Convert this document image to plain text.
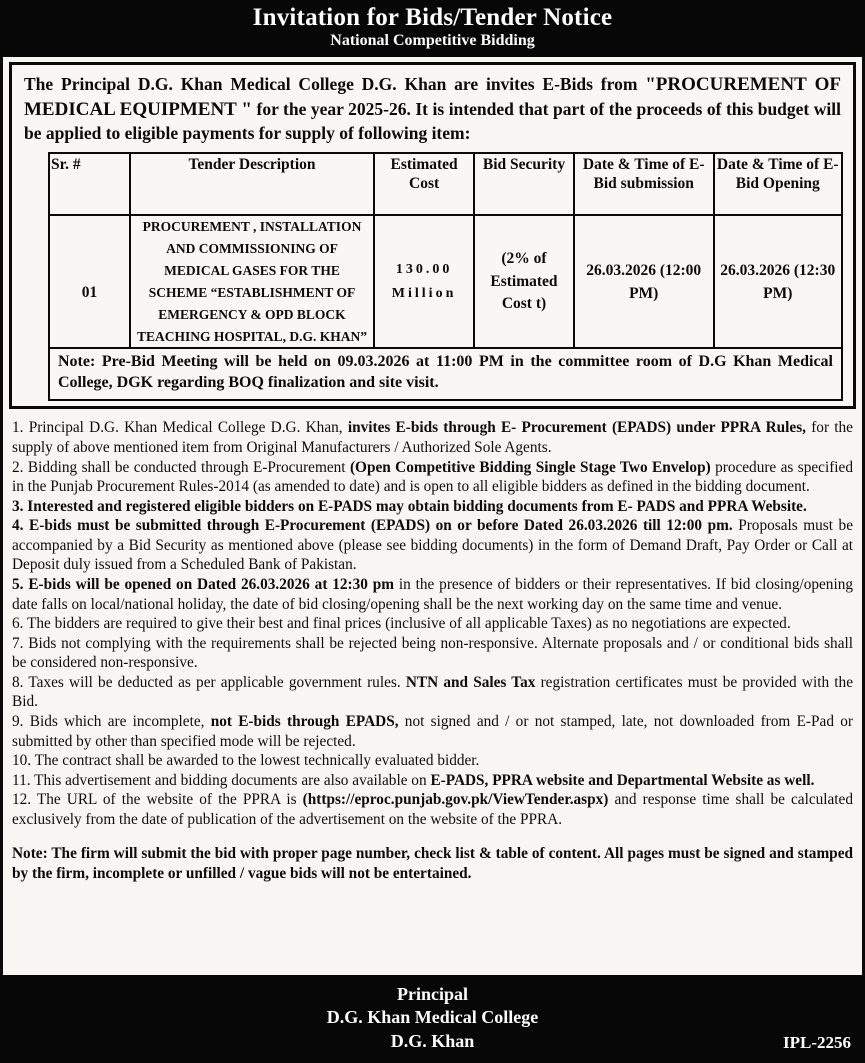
Invitation for Bids/Tender Notice
National Competitive Bidding

The Principal D.G. Khan Medical College D.G. Khan are invites E-Bids from "PROCUREMENT OF MEDICAL EQUIPMENT " for the year 2025-26. It is intended that part of the proceeds of this budget will be applied to eligible payments for supply of following item:

Sr. #	Tender Description	Estimated Cost	Bid Security	Date & Time of E-Bid submission	Date & Time of E-Bid Opening
01	PROCUREMENT , INSTALLATION AND COMMISSIONING OF MEDICAL GASES FOR THE SCHEME “ESTABLISHMENT OF EMERGENCY & OPD BLOCK TEACHING HOSPITAL, D.G. KHAN”	130.00 Million	(2% of Estimated Cost t)	26.03.2026 (12:00 PM)	26.03.2026 (12:30 PM)
Note: Pre-Bid Meeting will be held on 09.03.2026 at 11:00 PM in the committee room of D.G Khan Medical College, DGK regarding BOQ finalization and site visit.					

1. Principal D.G. Khan Medical College D.G. Khan, invites E-bids through E- Procurement (EPADS) under PPRA Rules, for the supply of above mentioned item from Original Manufacturers / Authorized Sole Agents.

2. Bidding shall be conducted through E-Procurement (Open Competitive Bidding Single Stage Two Envelop) procedure as specified in the Punjab Procurement Rules-2014 (as amended to date) and is open to all eligible bidders as defined in the bidding document.

3. Interested and registered eligible bidders on E-PADS may obtain bidding documents from E- PADS and PPRA Website.

4. E-bids must be submitted through E-Procurement (EPADS) on or before Dated 26.03.2026 till 12:00 pm. Proposals must be accompanied by a Bid Security as mentioned above (please see bidding documents) in the form of Demand Draft, Pay Order or Call at Deposit duly issued from a Scheduled Bank of Pakistan.

5. E-bids will be opened on Dated 26.03.2026 at 12:30 pm in the presence of bidders or their representatives. If bid closing/opening date falls on local/national holiday, the date of bid closing/opening shall be the next working day on the same time and venue.

6. The bidders are required to give their best and final prices (inclusive of all applicable Taxes) as no negotiations are expected.

7. Bids not complying with the requirements shall be rejected being non-responsive. Alternate proposals and / or conditional bids shall be considered non-responsive.

8. Taxes will be deducted as per applicable government rules. NTN and Sales Tax registration certificates must be provided with the Bid.

9. Bids which are incomplete, not E-bids through EPADS, not signed and / or not stamped, late, not downloaded from E-Pad or submitted by other than specified mode will be rejected.

10. The contract shall be awarded to the lowest technically evaluated bidder.

11. This advertisement and bidding documents are also available on E-PADS, PPRA website and Departmental Website as well.

12. The URL of the website of the PPRA is (https://eproc.punjab.gov.pk/ViewTender.aspx) and response time shall be calculated exclusively from the date of publication of the advertisement on the website of the PPRA.

Note: The firm will submit the bid with proper page number, check list & table of content. All pages must be signed and stamped by the firm, incomplete or unfilled / vague bids will not be entertained.

Principal
D.G. Khan Medical College
D.G. Khan	IPL-2256
